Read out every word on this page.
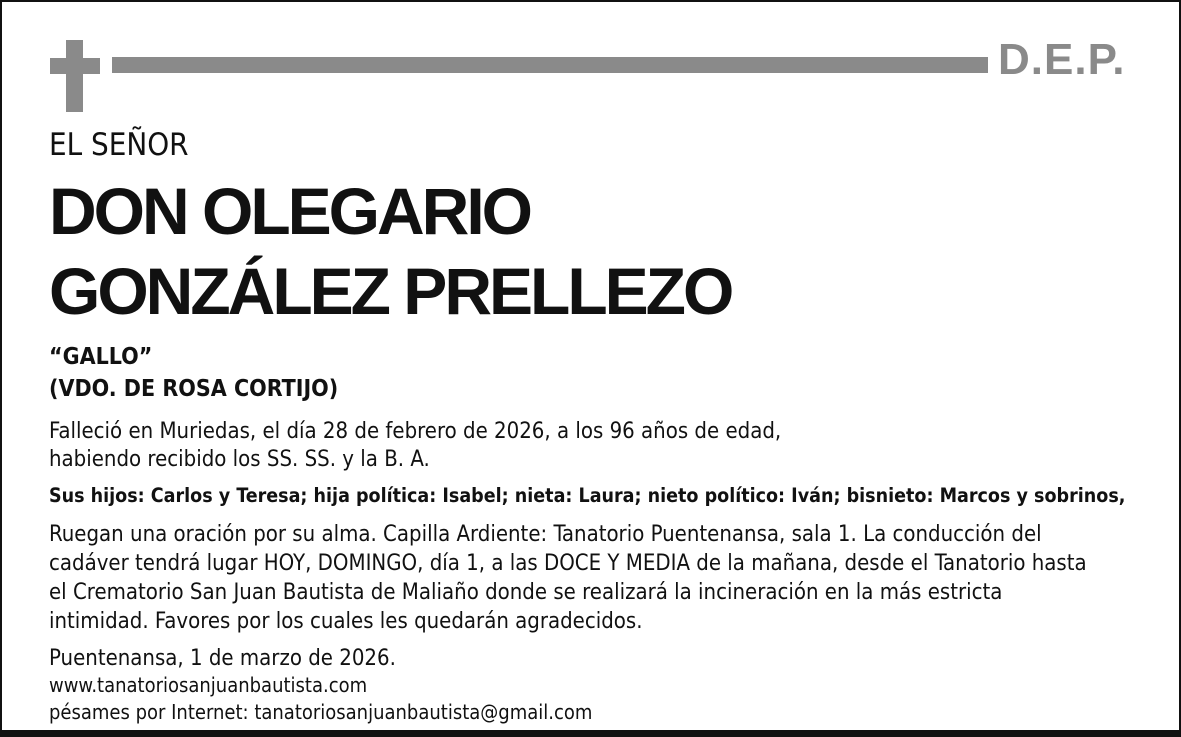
D.E.P.
EL SEÑOR
DON OLEGARIO
GONZÁLEZ PRELLEZO
“GALLO”
(VDO. DE ROSA CORTIJO)
Falleció en Muriedas, el día 28 de febrero de 2026, a los 96 años de edad,
habiendo recibido los SS. SS. y la B. A.
Sus hijos: Carlos y Teresa; hija política: Isabel; nieta: Laura; nieto político: Iván; bisnieto: Marcos y sobrinos,
Ruegan una oración por su alma. Capilla Ardiente: Tanatorio Puentenansa, sala 1. La conducción del
cadáver tendrá lugar HOY, DOMINGO, día 1, a las DOCE Y MEDIA de la mañana, desde el Tanatorio hasta
el Crematorio San Juan Bautista de Maliaño donde se realizará la incineración en la más estricta
intimidad. Favores por los cuales les quedarán agradecidos.
Puentenansa, 1 de marzo de 2026.
www.tanatoriosanjuanbautista.com
pésames por Internet: tanatoriosanjuanbautista@gmail.com
